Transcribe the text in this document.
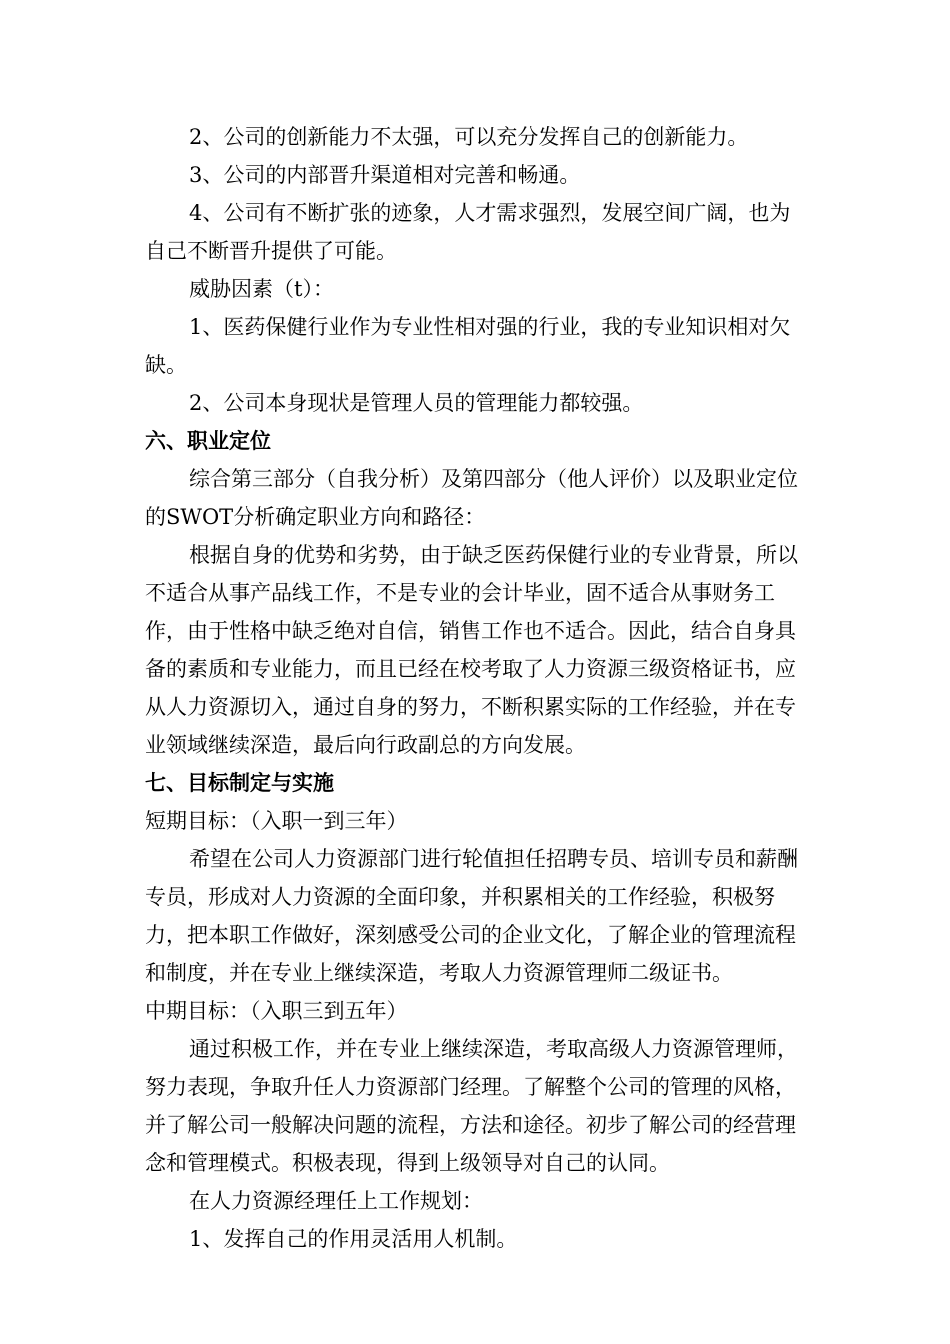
2、公司的创新能力不太强，可以充分发挥自己的创新能力。

3、公司的内部晋升渠道相对完善和畅通。

4、公司有不断扩张的迹象，人才需求强烈，发展空间广阔，也为自己不断晋升提供了可能。

威胁因素（t）：

1、医药保健行业作为专业性相对强的行业，我的专业知识相对欠缺。

2、公司本身现状是管理人员的管理能力都较强。

六、职业定位

综合第三部分（自我分析）及第四部分（他人评价）以及职业定位的SWOT分析确定职业方向和路径：

根据自身的优势和劣势，由于缺乏医药保健行业的专业背景，所以不适合从事产品线工作，不是专业的会计毕业，固不适合从事财务工作，由于性格中缺乏绝对自信，销售工作也不适合。因此，结合自身具备的素质和专业能力，而且已经在校考取了人力资源三级资格证书，应从人力资源切入，通过自身的努力，不断积累实际的工作经验，并在专业领域继续深造，最后向行政副总的方向发展。

七、目标制定与实施

短期目标：（入职一到三年）

希望在公司人力资源部门进行轮值担任招聘专员、培训专员和薪酬专员，形成对人力资源的全面印象，并积累相关的工作经验，积极努力，把本职工作做好，深刻感受公司的企业文化，了解企业的管理流程和制度，并在专业上继续深造，考取人力资源管理师二级证书。

中期目标：（入职三到五年）

通过积极工作，并在专业上继续深造，考取高级人力资源管理师，努力表现，争取升任人力资源部门经理。了解整个公司的管理的风格，并了解公司一般解决问题的流程，方法和途径。初步了解公司的经营理念和管理模式。积极表现，得到上级领导对自己的认同。

在人力资源经理任上工作规划：

1、发挥自己的作用灵活用人机制。
